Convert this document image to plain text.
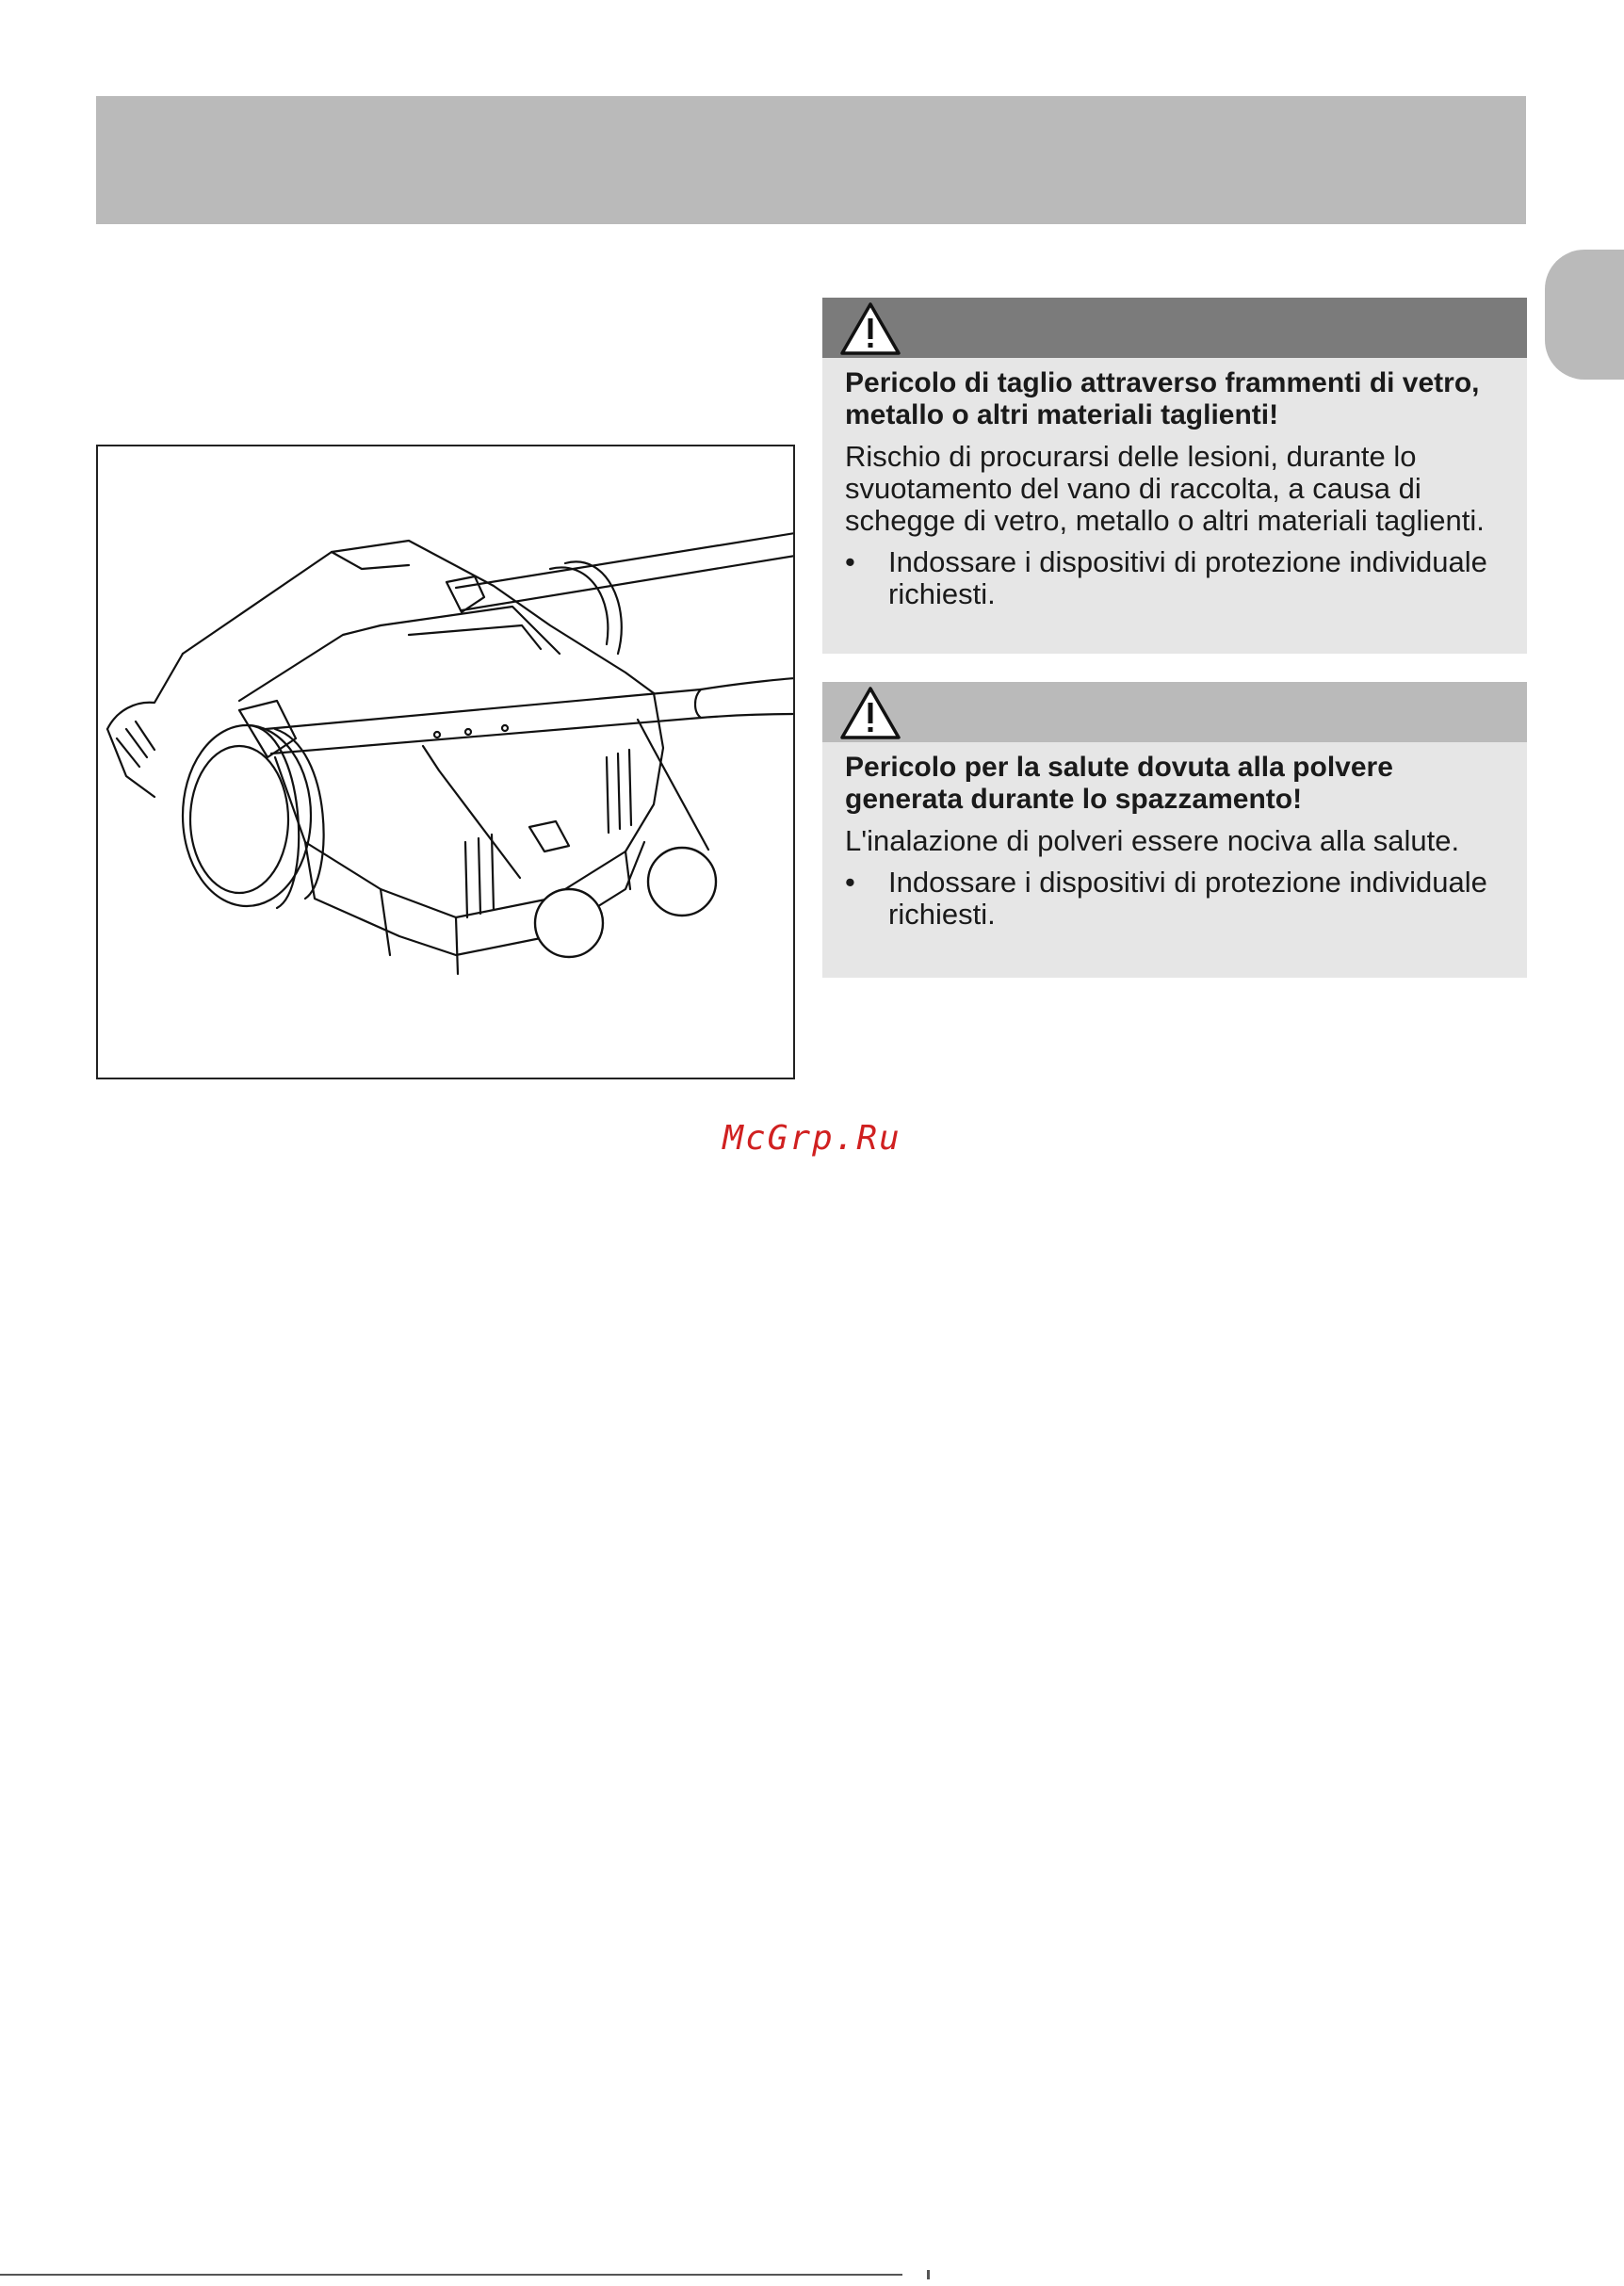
Pericolo di taglio attraverso frammenti di vetro, metallo o altri materiali taglienti!

Rischio di procurarsi delle lesioni, durante lo svuotamento del vano di raccolta, a causa di schegge di vetro, metallo o altri materiali taglienti.

• Indossare i dispositivi di protezione individuale richiesti.

Pericolo per la salute dovuta alla polvere generata durante lo spazzamento!

L'inalazione di polveri essere nociva alla salute.

• Indossare i dispositivi di protezione individuale richiesti.

McGrp.Ru
